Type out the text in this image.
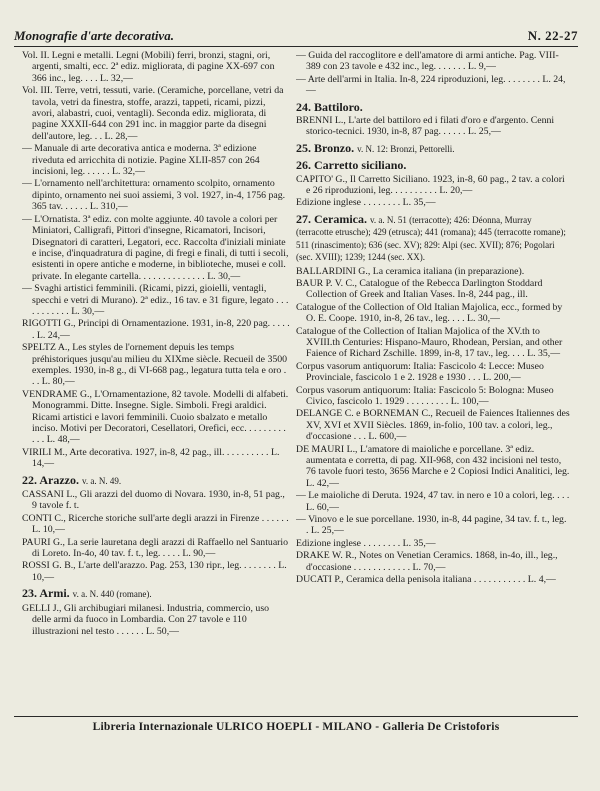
Monografie d'arte decorativa.	N. 22-27
Vol. II. Legni e metalli. Legni (Mobili) ferri, bronzi, stagni, ori, argenti, smalti, ecc. 2ª ediz. migliorata, di pagine XX-697 con 366 inc., leg. . . . L. 32,—
Vol. III. Terre, vetri, tessuti, varie. (Ceramiche, porcellane, vetri da tavola, vetri da finestra, stoffe, arazzi, tappeti, ricami, pizzi, avori, alabastri, cuoi, ventagli). Seconda ediz. migliorata, di pagine XXXII-644 con 291 inc. in maggior parte da disegni dell'autore, leg. . . L. 28,—
— Manuale di arte decorativa antica e moderna. 3ª edizione riveduta ed arricchita di notizie. Pagine XLII-857 con 264 incisioni, leg. . . . . . L. 32,—
— L'ornamento nell'architettura: ornamento scolpito, ornamento dipinto, ornamento nei suoi assiemi, 3 vol. 1927, in-4, 1756 pag. 365 tav. . . . . . L. 310,—
— L'Ornatista. 3ª ediz. con molte aggiunte. 40 tavole a colori per Miniatori, Calligrafi, Pittori d'insegne, Ricamatori, Incisori, Disegnatori di caratteri, Legatori, ecc. Raccolta d'iniziali miniate e incise, d'inquadratura di pagine, di fregi e finali, di tutti i secoli, esistenti in opere antiche e moderne, in biblioteche, musei e coll. private. In elegante cartella. . . . . . . . . . . . . . L. 30,—
— Svaghi artistici femminili. (Ricami, pizzi, gioielli, ventagli, specchi e vetri di Murano). 2ª ediz., 16 tav. e 31 figure, legato . . . . . . . . . . . L. 30,—
RIGOTTI G., Principi di Ornamentazione. 1931, in-8, 220 pag. . . . . . L. 24,—
SPELTZ A., Les styles de l'ornement depuis les temps préhistoriques jusqu'au milieu du XIXme siècle. Recueil de 3500 exemples. 1930, in-8 g., di VI-668 pag., legatura tutta tela e oro . . . L. 80,—
VENDRAME G., L'Ornamentazione, 82 tavole. Modelli di alfabeti. Monogrammi. Ditte. Insegne. Sigle. Simboli. Fregi araldici. Ricami artistici e lavori femminili. Cuoio sbalzato e metallo inciso. Motivi per Decoratori, Cesellatori, Orefici, ecc. . . . . . . . . . . . L. 48,—
VIRILI M., Arte decorativa. 1927, in-8, 42 pag., ill. . . . . . . . . . L. 14,—
22. Arazzo. v. a. N. 49.
CASSANI L., Gli arazzi del duomo di Novara. 1930, in-8, 51 pag., 9 tavole f. t.
CONTI C., Ricerche storiche sull'arte degli arazzi in Firenze . . . . . . L. 10,—
PAURI G., La serie lauretana degli arazzi di Raffaello nel Santuario di Loreto. In-4o, 40 tav. f. t., leg. . . . . L. 90,—
ROSSI G. B., L'arte dell'arazzo. Pag. 253, 130 ripr., leg. . . . . . . . L. 10,—
23. Armi. v. a. N. 440 (romane).
GELLI J., Gli archibugiari milanesi. Industria, commercio, uso delle armi da fuoco in Lombardia. Con 27 tavole e 110 illustrazioni nel testo . . . . . . L. 50,—
— Guida del raccoglitore e dell'amatore di armi antiche. Pag. VIII-389 con 23 tavole e 432 inc., leg. . . . . . . L. 9,—
— Arte dell'armi in Italia. In-8, 224 riproduzioni, leg. . . . . . . . L. 24,—
24. Battiloro.
BRENNI L., L'arte del battiloro ed i filati d'oro e d'argento. Cenni storico-tecnici. 1930, in-8, 87 pag. . . . . . L. 25,—
25. Bronzo. v. N. 12: Bronzi, Pettorelli.
26. Carretto siciliano.
CAPITO' G., Il Carretto Siciliano. 1923, in-8, 60 pag., 2 tav. a colori e 26 riproduzioni, leg. . . . . . . . . . L. 20,—
Edizione inglese . . . . . . . . L. 35,—
27. Ceramica. v. a. N. 51 (terracotte); 426: Déonna, Murray (terracotte etrusche); 429 (etrusca); 441 (romana); 445 (terracotte romane); 511 (rinascimento); 636 (sec. XV); 829: Alpi (sec. XVII); 876; Pogolari (sec. XVIII); 1239; 1244 (sec. XX).
BALLARDINI G., La ceramica italiana (in preparazione).
BAUR P. V. C., Catalogue of the Rebecca Darlington Stoddard Collection of Greek and Italian Vases. In-8, 244 pag., ill.
Catalogue of the Collection of Old Italian Majolica, ecc., formed by O. E. Coope. 1910, in-8, 26 tav., leg. . . . L. 30,—
Catalogue of the Collection of Italian Majolica of the XV.th to XVIII.th Centuries: Hispano-Mauro, Rhodean, Persian, and other Faience of Richard Zschille. 1899, in-8, 17 tav., leg. . . . L. 35,—
Corpus vasorum antiquorum: Italia: Fascicolo 4: Lecce: Museo Provinciale, fascicolo 1 e 2. 1928 e 1930 . . . L. 200,—
Corpus vasorum antiquorum: Italia: Fascicolo 5: Bologna: Museo Civico, fascicolo 1. 1929 . . . . . . . . . L. 100,—
DELANGE C. e BORNEMAN C., Recueil de Faiences Italiennes des XV, XVI et XVII Siècles. 1869, in-folio, 100 tav. a colori, leg., d'occasione . . . L. 600,—
DE MAURI L., L'amatore di maioliche e porcellane. 3ª ediz. aumentata e corretta, di pag. XII-968, con 432 incisioni nel testo, 76 tavole fuori testo, 3656 Marche e 2 Copiosi Indici Analitici, leg. L. 42,—
— Le maioliche di Deruta. 1924, 47 tav. in nero e 10 a colori, leg. . . . L. 60,—
— Vinovo e le sue porcellane. 1930, in-8, 44 pagine, 34 tav. f. t., leg. . L. 25,—
Edizione inglese . . . . . . . . L. 35,—
DRAKE W. R., Notes on Venetian Ceramics. 1868, in-4o, ill., leg., d'occasione . . . . . . . . . . . . L. 70,—
DUCATI P., Ceramica della penisola italiana . . . . . . . . . . . L. 4,—
Libreria Internazionale ULRICO HOEPLI - MILANO - Galleria De Cristoforis
